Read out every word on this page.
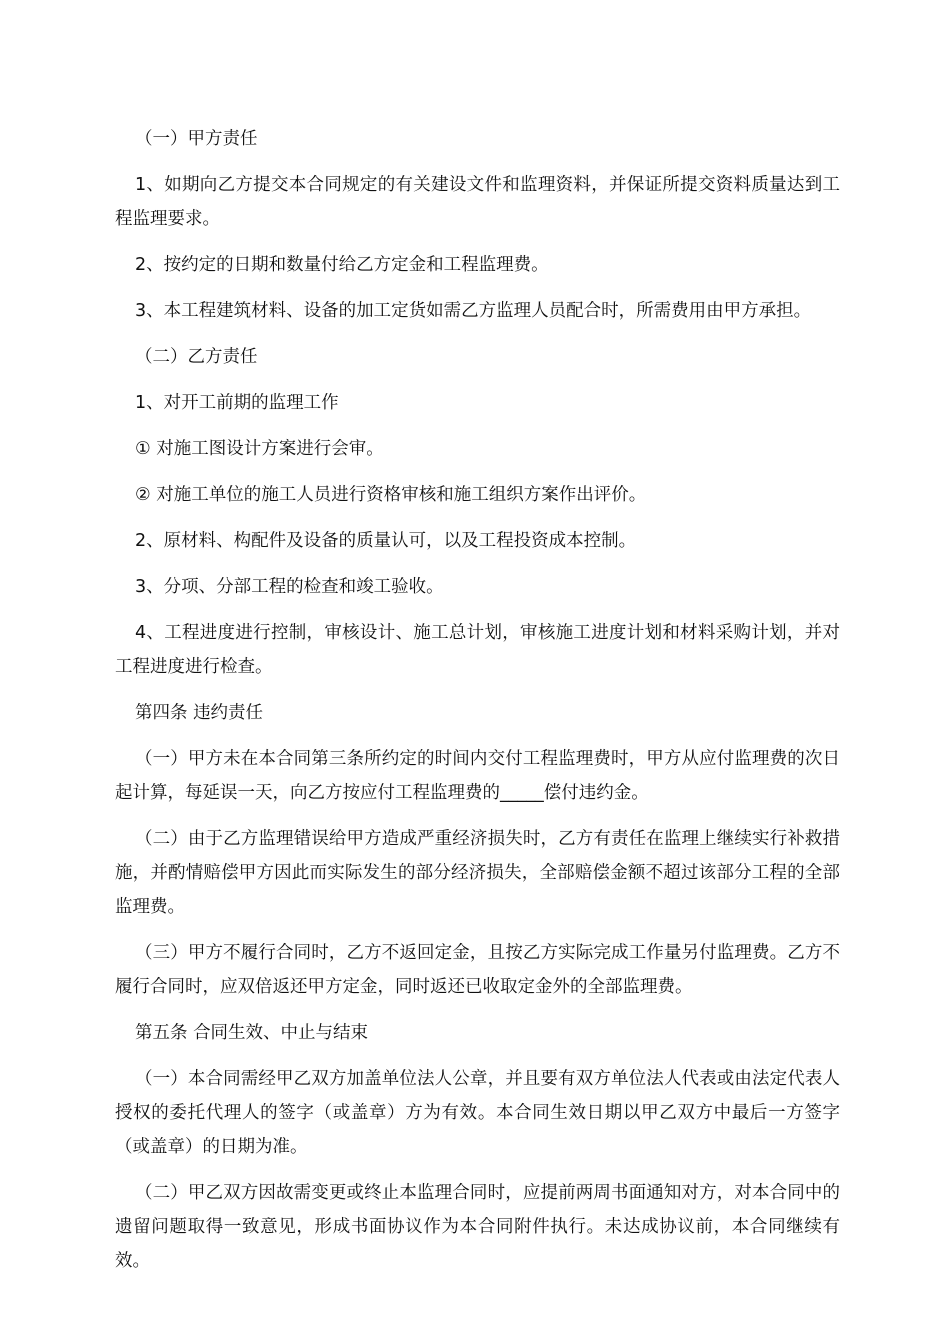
（一）甲方责任

1、如期向乙方提交本合同规定的有关建设文件和监理资料，并保证所提交资料质量达到工程监理要求。

2、按约定的日期和数量付给乙方定金和工程监理费。

3、本工程建筑材料、设备的加工定货如需乙方监理人员配合时，所需费用由甲方承担。

（二）乙方责任

1、对开工前期的监理工作

① 对施工图设计方案进行会审。

② 对施工单位的施工人员进行资格审核和施工组织方案作出评价。

2、原材料、构配件及设备的质量认可，以及工程投资成本控制。

3、分项、分部工程的检查和竣工验收。

4、工程进度进行控制，审核设计、施工总计划，审核施工进度计划和材料采购计划，并对工程进度进行检查。

第四条 违约责任

（一）甲方未在本合同第三条所约定的时间内交付工程监理费时，甲方从应付监理费的次日起计算，每延误一天，向乙方按应付工程监理费的_____偿付违约金。

（二）由于乙方监理错误给甲方造成严重经济损失时，乙方有责任在监理上继续实行补救措施，并酌情赔偿甲方因此而实际发生的部分经济损失，全部赔偿金额不超过该部分工程的全部监理费。

（三）甲方不履行合同时，乙方不返回定金，且按乙方实际完成工作量另付监理费。乙方不履行合同时，应双倍返还甲方定金，同时返还已收取定金外的全部监理费。

第五条 合同生效、中止与结束

（一）本合同需经甲乙双方加盖单位法人公章，并且要有双方单位法人代表或由法定代表人授权的委托代理人的签字（或盖章）方为有效。本合同生效日期以甲乙双方中最后一方签字（或盖章）的日期为准。

（二）甲乙双方因故需变更或终止本监理合同时，应提前两周书面通知对方，对本合同中的遗留问题取得一致意见，形成书面协议作为本合同附件执行。未达成协议前，本合同继续有效。
